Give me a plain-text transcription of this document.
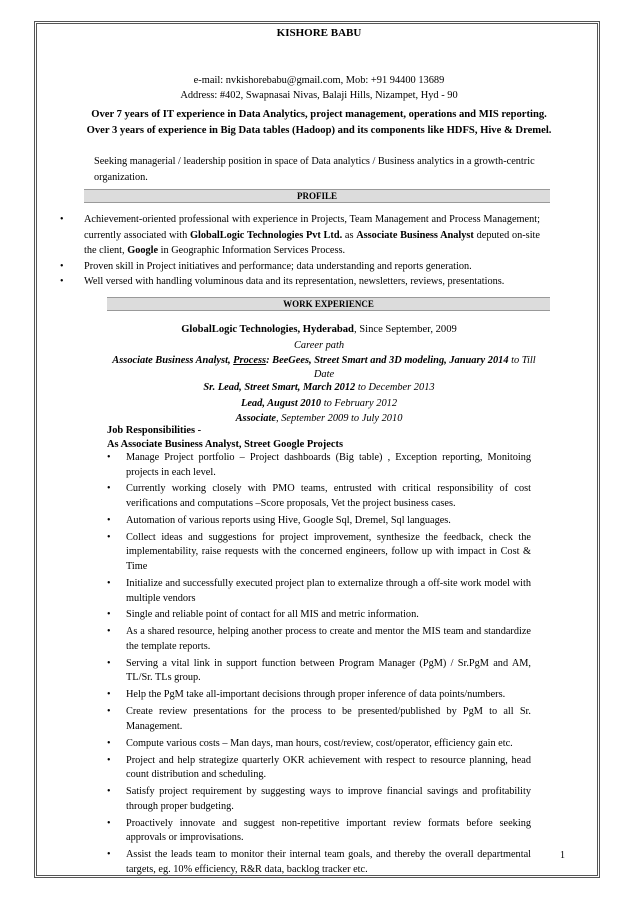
KISHORE BABU
e-mail: nvkishorebabu@gmail.com, Mob: +91 94400 13689
Address: #402, Swapnasai Nivas, Balaji Hills, Nizampet, Hyd - 90
Over 7 years of IT experience in Data Analytics, project management, operations and MIS reporting.
Over 3 years of experience in Big Data tables (Hadoop) and its components like HDFS, Hive & Dremel.
Seeking managerial / leadership position in space of Data analytics / Business analytics in a growth-centric organization.
PROFILE
• Achievement-oriented professional with experience in Projects, Team Management and Process Management; currently associated with GlobalLogic Technologies Pvt Ltd. as Associate Business Analyst deputed on-site the client, Google in Geographic Information Services Process.
• Proven skill in Project initiatives and performance; data understanding and reports generation.
• Well versed with handling voluminous data and its representation, newsletters, reviews, presentations.
WORK EXPERIENCE
GlobalLogic Technologies, Hyderabad, Since September, 2009
Career path
Associate Business Analyst, Process: BeeGees, Street Smart and 3D modeling, January 2014 to Till Date
Sr. Lead, Street Smart, March 2012 to December 2013
Lead, August 2010 to February 2012
Associate, September 2009 to July 2010
Job Responsibilities -
As Associate Business Analyst, Street Google Projects
• Manage Project portfolio – Project dashboards (Big table) , Exception reporting, Monitoing projects in each level.
• Currently working closely with PMO teams, entrusted with critical responsibility of cost verifications and computations –Score proposals, Vet the project business cases.
• Automation of various reports using Hive, Google Sql, Dremel, Sql languages.
• Collect ideas and suggestions for project improvement, synthesize the feedback, check the implementability, raise requests with the concerned engineers, follow up with impact in Cost & Time
• Initialize and successfully executed project plan to externalize through a off-site work model with multiple vendors
• Single and reliable point of contact for all MIS and metric information.
• As a shared resource, helping another process to create and mentor the MIS team and standardize the template reports.
• Serving a vital link in support function between Program Manager (PgM) / Sr.PgM and AM, TL/Sr. TLs group.
• Help the PgM take all-important decisions through proper inference of data points/numbers.
• Create review presentations for the process to be presented/published by PgM to all Sr. Management.
• Compute various costs – Man days, man hours, cost/review, cost/operator, efficiency gain etc.
• Project and help strategize quarterly OKR achievement with respect to resource planning, head count distribution and scheduling.
• Satisfy project requirement by suggesting ways to improve financial savings and profitability through proper budgeting.
• Proactively innovate and suggest non-repetitive important review formats before seeking approvals or improvisations.
• Assist the leads team to monitor their internal team goals, and thereby the overall departmental targets, eg. 10% efficiency, R&R data, backlog tracker etc.
1
